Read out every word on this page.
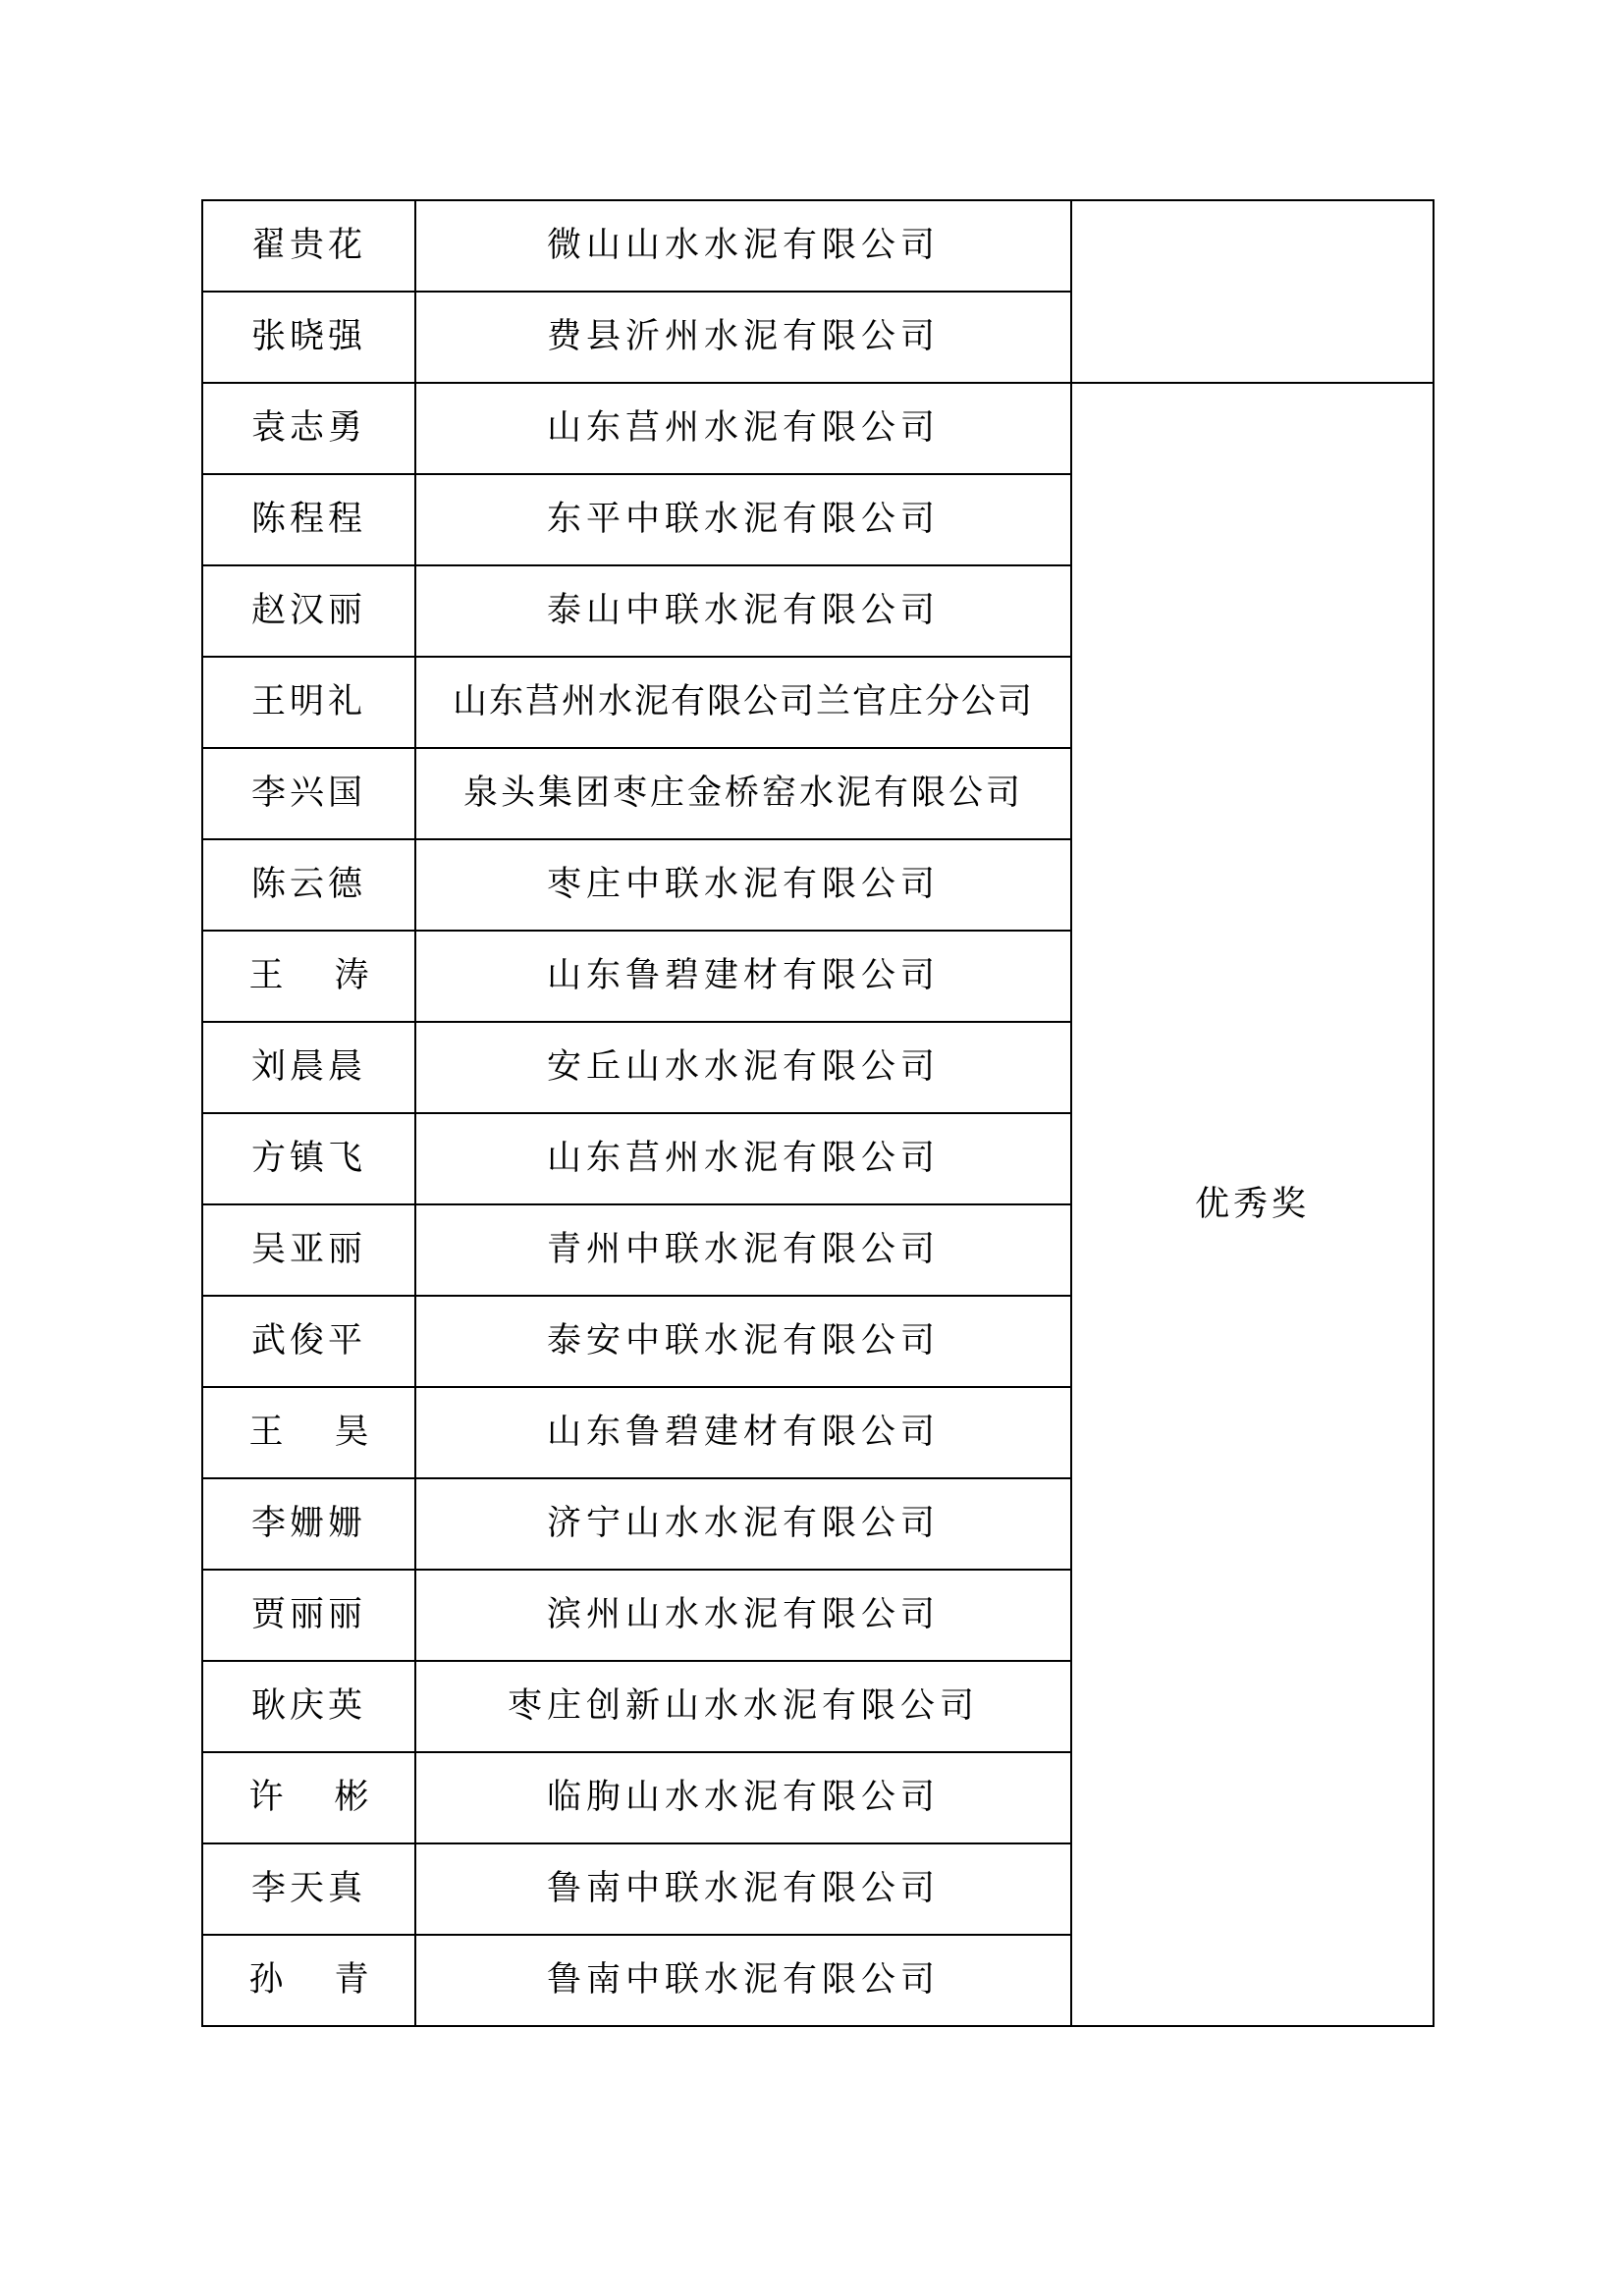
翟贵花	微山山水水泥有限公司	
张晓强	费县沂州水泥有限公司	
袁志勇	山东莒州水泥有限公司	优秀奖
陈程程	东平中联水泥有限公司	
赵汉丽	泰山中联水泥有限公司	
王明礼	山东莒州水泥有限公司兰官庄分公司	
李兴国	泉头集团枣庄金桥窑水泥有限公司	
陈云德	枣庄中联水泥有限公司	
王 涛	山东鲁碧建材有限公司	
刘晨晨	安丘山水水泥有限公司	
方镇飞	山东莒州水泥有限公司	
吴亚丽	青州中联水泥有限公司	
武俊平	泰安中联水泥有限公司	
王 昊	山东鲁碧建材有限公司	
李姗姗	济宁山水水泥有限公司	
贾丽丽	滨州山水水泥有限公司	
耿庆英	枣庄创新山水水泥有限公司	
许 彬	临朐山水水泥有限公司	
李天真	鲁南中联水泥有限公司	
孙 青	鲁南中联水泥有限公司	
